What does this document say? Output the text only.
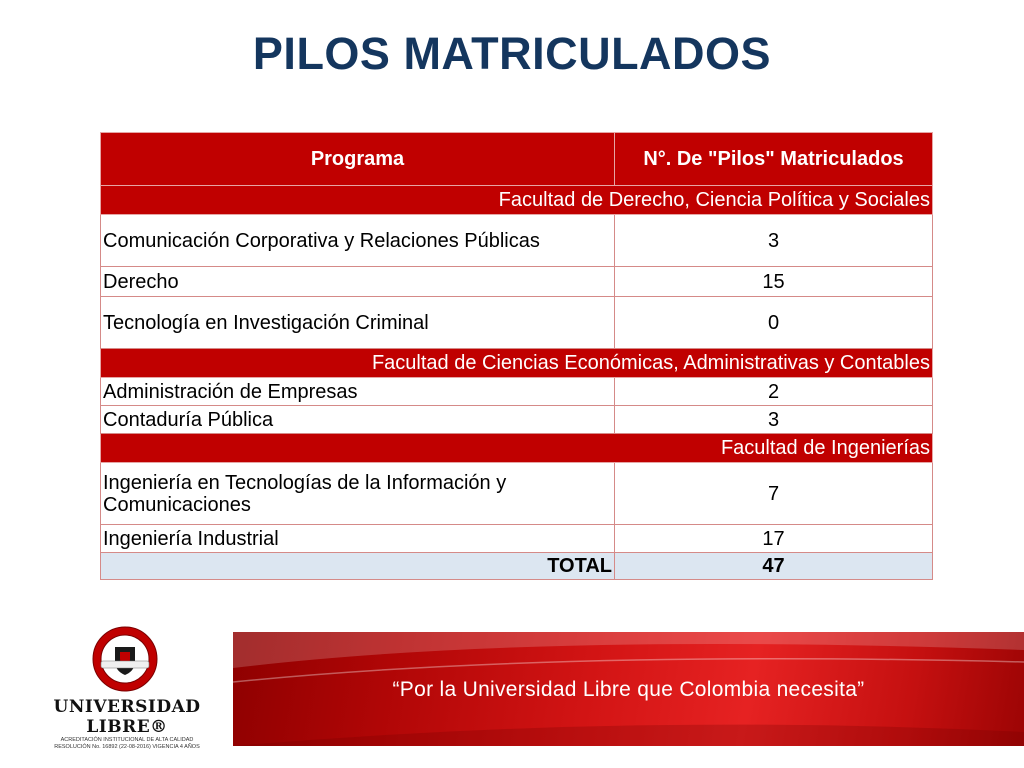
PILOS MATRICULADOS
Programa	N°. De "Pilos" Matriculados
Facultad de Derecho, Ciencia Política y Sociales	
Comunicación Corporativa y Relaciones Públicas	3
Derecho	15
Tecnología en Investigación Criminal	0
Facultad de Ciencias Económicas, Administrativas y Contables	
Administración de Empresas	2
Contaduría Pública	3
Facultad de Ingenierías	
Ingeniería en Tecnologías de la Información y Comunicaciones	7
Ingeniería Industrial	17
TOTAL	47
UNIVERSIDAD
LIBRE®
ACREDITACIÓN INSTITUCIONAL DE ALTA CALIDAD
RESOLUCIÓN No. 16892 (22-08-2016) VIGENCIA 4 AÑOS
“Por la Universidad Libre que Colombia necesita”
